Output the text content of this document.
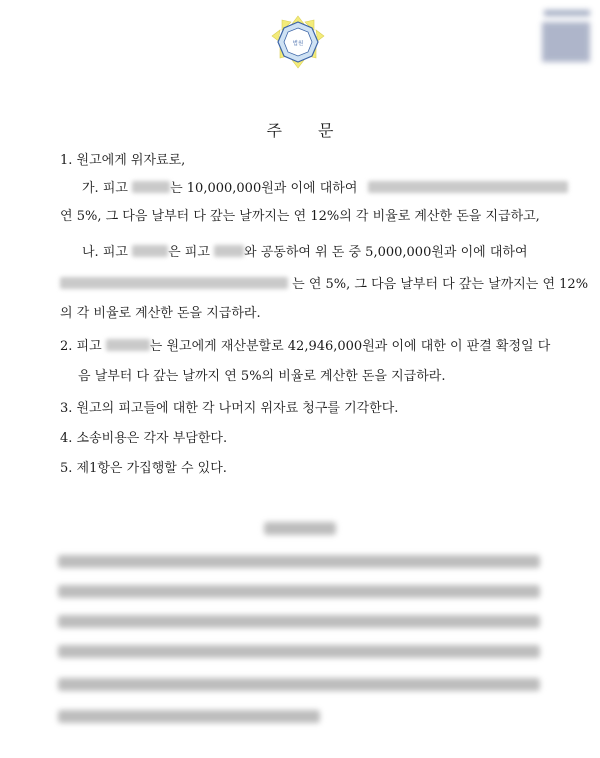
법원
주 문
1. 원고에게 위자료로,
가. 피고	는 10,000,000원과 이에 대하여
연 5%, 그 다음 날부터 다 갚는 날까지는 연 12%의 각 비율로 계산한 돈을 지급하고,
나. 피고	은 피고	와 공동하여 위 돈 중 5,000,000원과 이에 대하여
는 연 5%, 그 다음 날부터 다 갚는 날까지는 연 12%
의 각 비율로 계산한 돈을 지급하라.
2. 피고	는 원고에게 재산분할로 42,946,000원과 이에 대한 이 판결 확정일 다
음 날부터 다 갚는 날까지 연 5%의 비율로 계산한 돈을 지급하라.
3. 원고의 피고들에 대한 각 나머지 위자료 청구를 기각한다.
4. 소송비용은 각자 부담한다.
5. 제1항은 가집행할 수 있다.
